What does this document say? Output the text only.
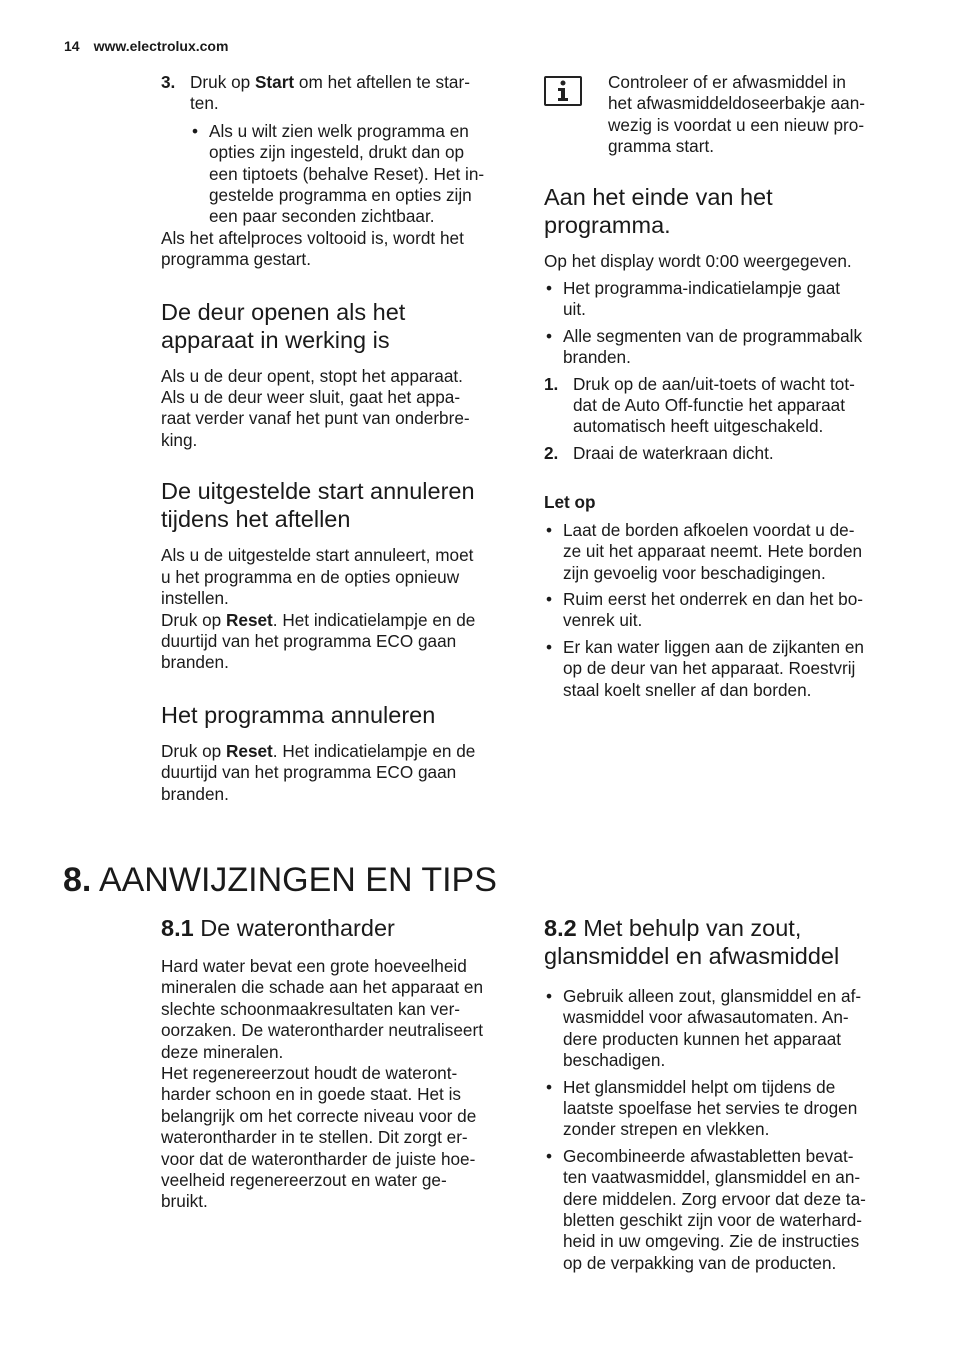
14 www.electrolux.com
3. Druk op Start om het aftellen te star-
ten.
• Als u wilt zien welk programma en
opties zijn ingesteld, drukt dan op
een tiptoets (behalve Reset). Het in-
gestelde programma en opties zijn
een paar seconden zichtbaar.

Als het aftelproces voltooid is, wordt het
programma gestart.

De deur openen als het
apparaat in werking is

Als u de deur opent, stopt het apparaat.
Als u de deur weer sluit, gaat het appa-
raat verder vanaf het punt van onderbre-
king.

De uitgestelde start annuleren
tijdens het aftellen

Als u de uitgestelde start annuleert, moet
u het programma en de opties opnieuw
instellen.
Druk op Reset. Het indicatielampje en de
duurtijd van het programma ECO gaan
branden.

Het programma annuleren

Druk op Reset. Het indicatielampje en de
duurtijd van het programma ECO gaan
branden.

Controleer of er afwasmiddel in
het afwasmiddeldoseerbakje aan-
wezig is voordat u een nieuw pro-
gramma start.

Aan het einde van het
programma.

Op het display wordt 0:00 weergegeven.

• Het programma-indicatielampje gaat
uit.
• Alle segmenten van de programmabalk
branden.
1. Druk op de aan/uit-toets of wacht tot-
dat de Auto Off-functie het apparaat
automatisch heeft uitgeschakeld.
2. Draai de waterkraan dicht.

Let op

• Laat de borden afkoelen voordat u de-
ze uit het apparaat neemt. Hete borden
zijn gevoelig voor beschadigingen.
• Ruim eerst het onderrek en dan het bo-
venrek uit.
• Er kan water liggen aan de zijkanten en
op de deur van het apparaat. Roestvrij
staal koelt sneller af dan borden.
8. AANWIJZINGEN EN TIPS
8.1 De waterontharder

Hard water bevat een grote hoeveelheid
mineralen die schade aan het apparaat en
slechte schoonmaakresultaten kan ver-
oorzaken. De waterontharder neutraliseert
deze mineralen.
Het regenereerzout houdt de wateront-
harder schoon en in goede staat. Het is
belangrijk om het correcte niveau voor de
waterontharder in te stellen. Dit zorgt er-
voor dat de waterontharder de juiste hoe-
veelheid regenereerzout en water ge-
bruikt.

8.2 Met behulp van zout,
glansmiddel en afwasmiddel
• Gebruik alleen zout, glansmiddel en af-
wasmiddel voor afwasautomaten. An-
dere producten kunnen het apparaat
beschadigen.
• Het glansmiddel helpt om tijdens de
laatste spoelfase het servies te drogen
zonder strepen en vlekken.
• Gecombineerde afwastabletten bevat-
ten vaatwasmiddel, glansmiddel en an-
dere middelen. Zorg ervoor dat deze ta-
bletten geschikt zijn voor de waterhard-
heid in uw omgeving. Zie de instructies
op de verpakking van de producten.
